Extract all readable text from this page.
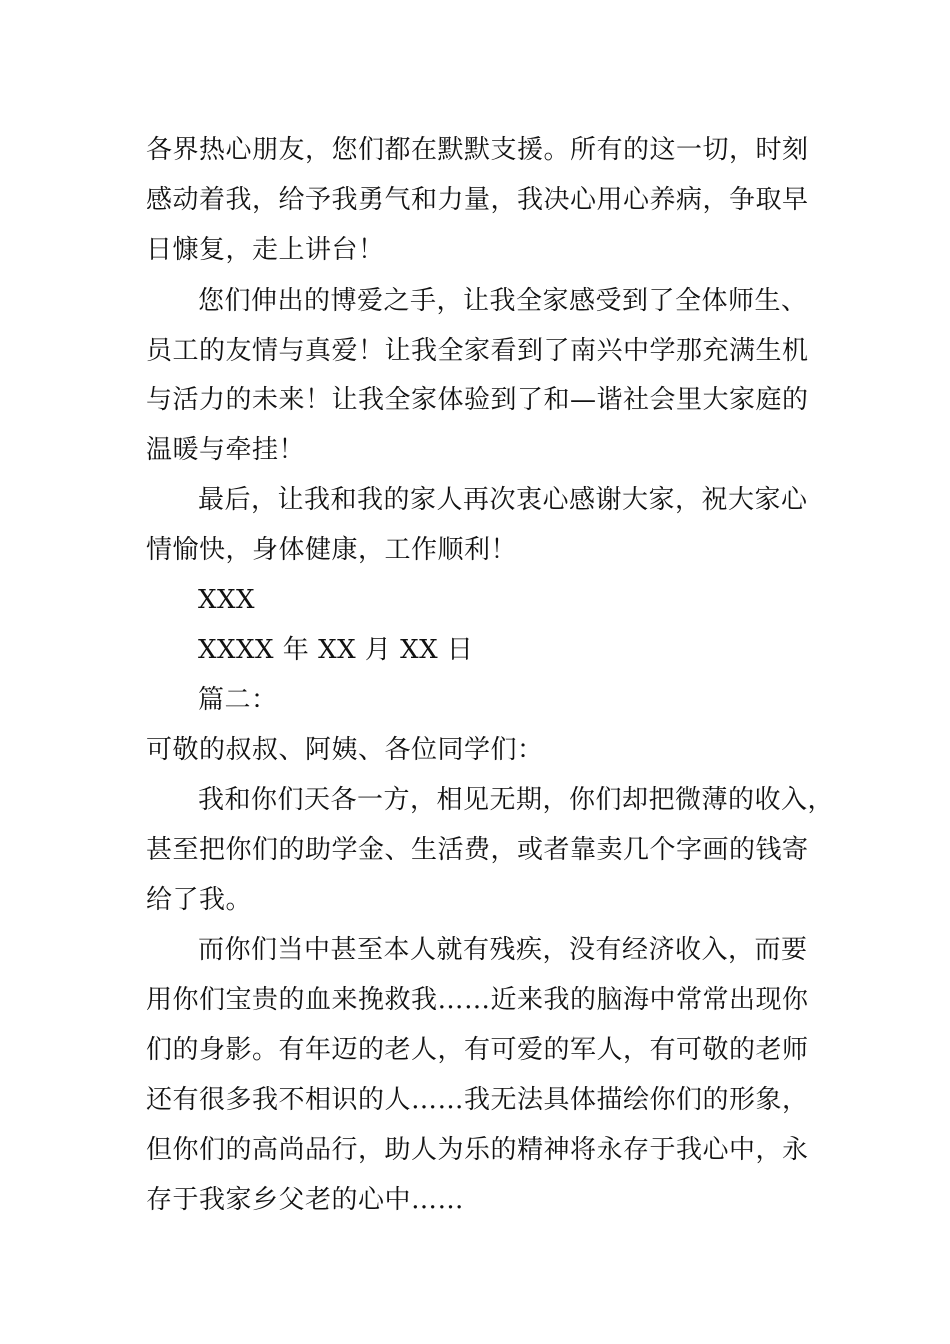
各界热心朋友，您们都在默默支援。所有的这一切，时刻
感动着我，给予我勇气和力量，我决心用心养病，争取早
日慷复，走上讲台！
您们伸出的博爱之手，让我全家感受到了全体师生、
员工的友情与真爱！让我全家看到了南兴中学那充满生机
与活力的未来！让我全家体验到了和—谐社会里大家庭的
温暖与牵挂！
最后，让我和我的家人再次衷心感谢大家，祝大家心
情愉快，身体健康，工作顺利！
XXX
XXXX 年 XX 月 XX 日
篇二：
可敬的叔叔、阿姨、各位同学们：
我和你们天各一方，相见无期，你们却把微薄的收入，
甚至把你们的助学金、生活费，或者靠卖几个字画的钱寄
给了我。
而你们当中甚至本人就有残疾，没有经济收入，而要
用你们宝贵的血来挽救我……近来我的脑海中常常出现你
们的身影。有年迈的老人，有可爱的军人，有可敬的老师
还有很多我不相识的人……我无法具体描绘你们的形象，
但你们的高尚品行，助人为乐的精神将永存于我心中，永
存于我家乡父老的心中……
